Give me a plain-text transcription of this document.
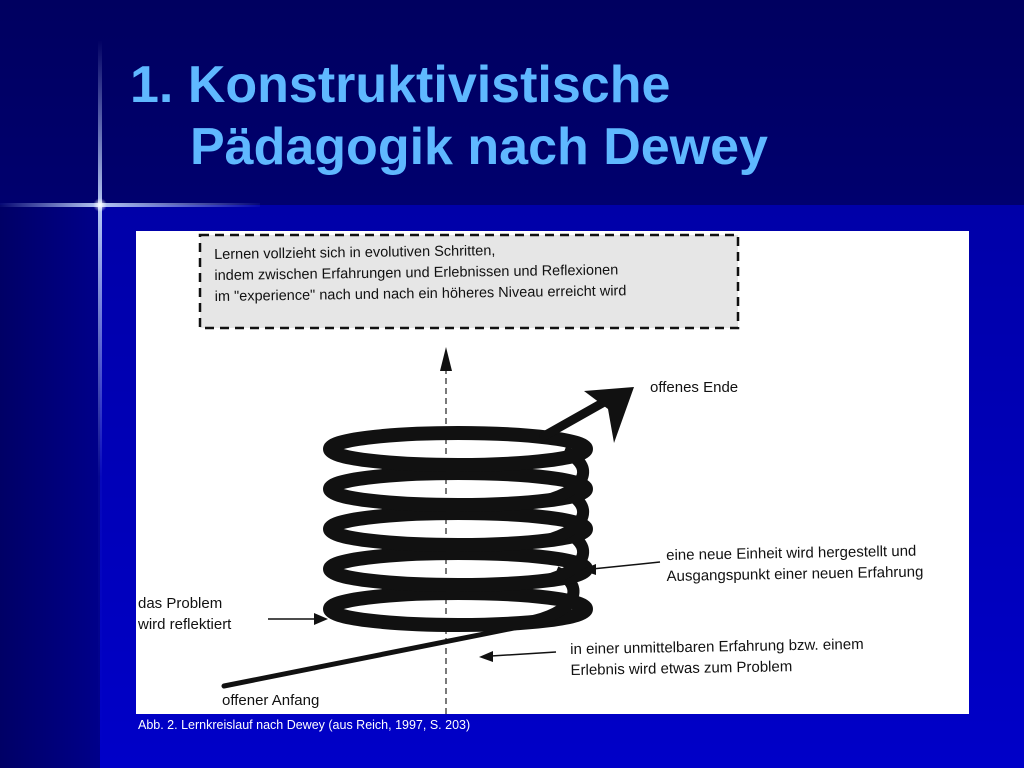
1. Konstruktivistische
Pädagogik nach Dewey
Lernen vollzieht sich in evolutiven Schritten,
indem zwischen Erfahrungen und Erlebnissen und Reflexionen
im "experience" nach und nach ein höheres Niveau erreicht wird
offenes Ende
eine neue Einheit wird hergestellt und
Ausgangspunkt einer neuen Erfahrung
das Problem
wird reflektiert
in einer unmittelbaren Erfahrung bzw. einem
Erlebnis wird etwas zum Problem
offener Anfang
Abb. 2. Lernkreislauf nach Dewey (aus Reich, 1997, S. 203)
